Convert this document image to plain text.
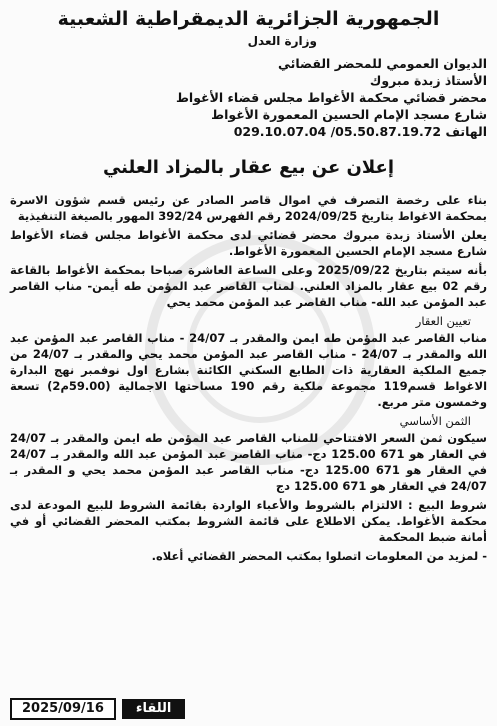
الجمهورية الجزائرية الديمقراطية الشعبية
وزارة العدل
الديوان العمومي للمحضر القضائي
الأستاذ زبدة مبروك
محضر قضائي محكمة الأغواط مجلس قضاء الأغواط
شارع مسجد الإمام الحسين المعمورة الأغواط
الهاتف 05.50.87.19.72/ 029.10.07.04
إعلان عن بيع عقار بالمزاد العلني

بناء على رخصة التصرف في اموال قاصر الصادر عن رئيس قسم شؤون الاسرة بمحكمة الاغواط بتاريخ 2024/09/25 رقم الفهرس 392/24 المهور بالصيغة التنفيذية

يعلن الأستاذ زبدة مبروك محضر قضائي لدى محكمة الأغواط مجلس قضاء الأغواط شارع مسجد الإمام الحسين المعمورة الأغواط.

بأنه سيتم بتاريخ 2025/09/22 وعلى الساعة العاشرة صباحا بمحكمة الأغواط بالقاعة رقم 02 بيع عقار بالمزاد العلني. لمناب القاصر عبد المؤمن طه أيمن- مناب القاصر عبد المؤمن عبد الله- مناب القاصر عبد المؤمن محمد يحي

تعيين العقار

مناب القاصر عبد المؤمن طه ايمن والمقدر بـ 24/07 - مناب القاصر عبد المؤمن عبد الله والمقدر بـ 24/07 - مناب القاصر عبد المؤمن محمد يحي والمقدر بـ 24/07 من جميع الملكية العقارية ذات الطابع السكني الكائنة بشارع اول نوفمبر نهج البدارة الاغواط قسم119 مجموعة ملكية رقم 190 مساحتها الاجمالية (59.00م2) تسعة وخمسون متر مربع.

الثمن الأساسي

سيكون ثمن السعر الافتتاحي للمناب القاصر عبد المؤمن طه ايمن والمقدر بـ 24/07 في العقار هو 671 125.00 دج- مناب القاصر عبد المؤمن عبد الله والمقدر بـ 24/07 في العقار هو 671 125.00 دج- مناب القاصر عبد المؤمن محمد يحي و المقدر بـ 24/07 في العقار هو 671 125.00 دج

شروط البيع : الالتزام بالشروط والأعباء الواردة بقائمة الشروط للبيع المودعة لدى محكمة الأغواط. يمكن الاطلاع على قائمة الشروط بمكتب المحضر القضائي أو في أمانة ضبط المحكمة

- لمزيد من المعلومات اتصلوا بمكتب المحضر القضائي أعلاه.

2025/09/16	اللقاء
